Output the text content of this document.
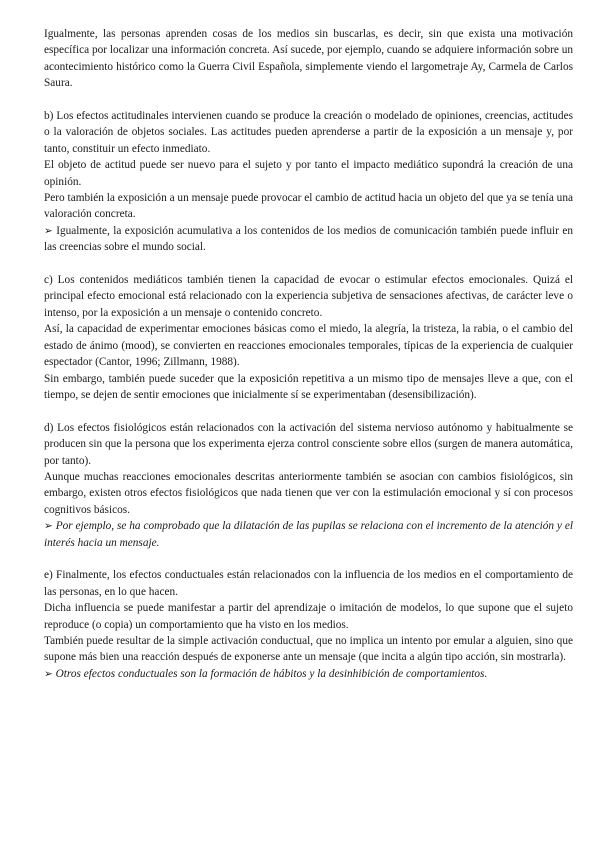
Igualmente, las personas aprenden cosas de los medios sin buscarlas, es decir, sin que exista una motivación específica por localizar una información concreta. Así sucede, por ejemplo, cuando se adquiere información sobre un acontecimiento histórico como la Guerra Civil Española, simplemente viendo el largometraje Ay, Carmela de Carlos Saura.

b) Los efectos actitudinales intervienen cuando se produce la creación o modelado de opiniones, creencias, actitudes o la valoración de objetos sociales. Las actitudes pueden aprenderse a partir de la exposición a un mensaje y, por tanto, constituir un efecto inmediato.

El objeto de actitud puede ser nuevo para el sujeto y por tanto el impacto mediático supondrá la creación de una opinión.

Pero también la exposición a un mensaje puede provocar el cambio de actitud hacia un objeto del que ya se tenía una valoración concreta.

➢ Igualmente, la exposición acumulativa a los contenidos de los medios de comunicación también puede influir en las creencias sobre el mundo social.

c) Los contenidos mediáticos también tienen la capacidad de evocar o estimular efectos emocionales. Quizá el principal efecto emocional está relacionado con la experiencia subjetiva de sensaciones afectivas, de carácter leve o intenso, por la exposición a un mensaje o contenido concreto.

Así, la capacidad de experimentar emociones básicas como el miedo, la alegría, la tristeza, la rabia, o el cambio del estado de ánimo (mood), se convierten en reacciones emocionales temporales, típicas de la experiencia de cualquier espectador (Cantor, 1996; Zillmann, 1988).

Sin embargo, también puede suceder que la exposición repetitiva a un mismo tipo de mensajes lleve a que, con el tiempo, se dejen de sentir emociones que inicialmente sí se experimentaban (desensibilización).

d) Los efectos fisiológicos están relacionados con la activación del sistema nervioso autónomo y habitualmente se producen sin que la persona que los experimenta ejerza control consciente sobre ellos (surgen de manera automática, por tanto).

Aunque muchas reacciones emocionales descritas anteriormente también se asocian con cambios fisiológicos, sin embargo, existen otros efectos fisiológicos que nada tienen que ver con la estimulación emocional y sí con procesos cognitivos básicos.

➢ Por ejemplo, se ha comprobado que la dilatación de las pupilas se relaciona con el incremento de la atención y el interés hacia un mensaje.

e) Finalmente, los efectos conductuales están relacionados con la influencia de los medios en el comportamiento de las personas, en lo que hacen.

Dicha influencia se puede manifestar a partir del aprendizaje o imitación de modelos, lo que supone que el sujeto reproduce (o copia) un comportamiento que ha visto en los medios.

También puede resultar de la simple activación conductual, que no implica un intento por emular a alguien, sino que supone más bien una reacción después de exponerse ante un mensaje (que incita a algún tipo acción, sin mostrarla).

➢ Otros efectos conductuales son la formación de hábitos y la desinhibición de comportamientos.
